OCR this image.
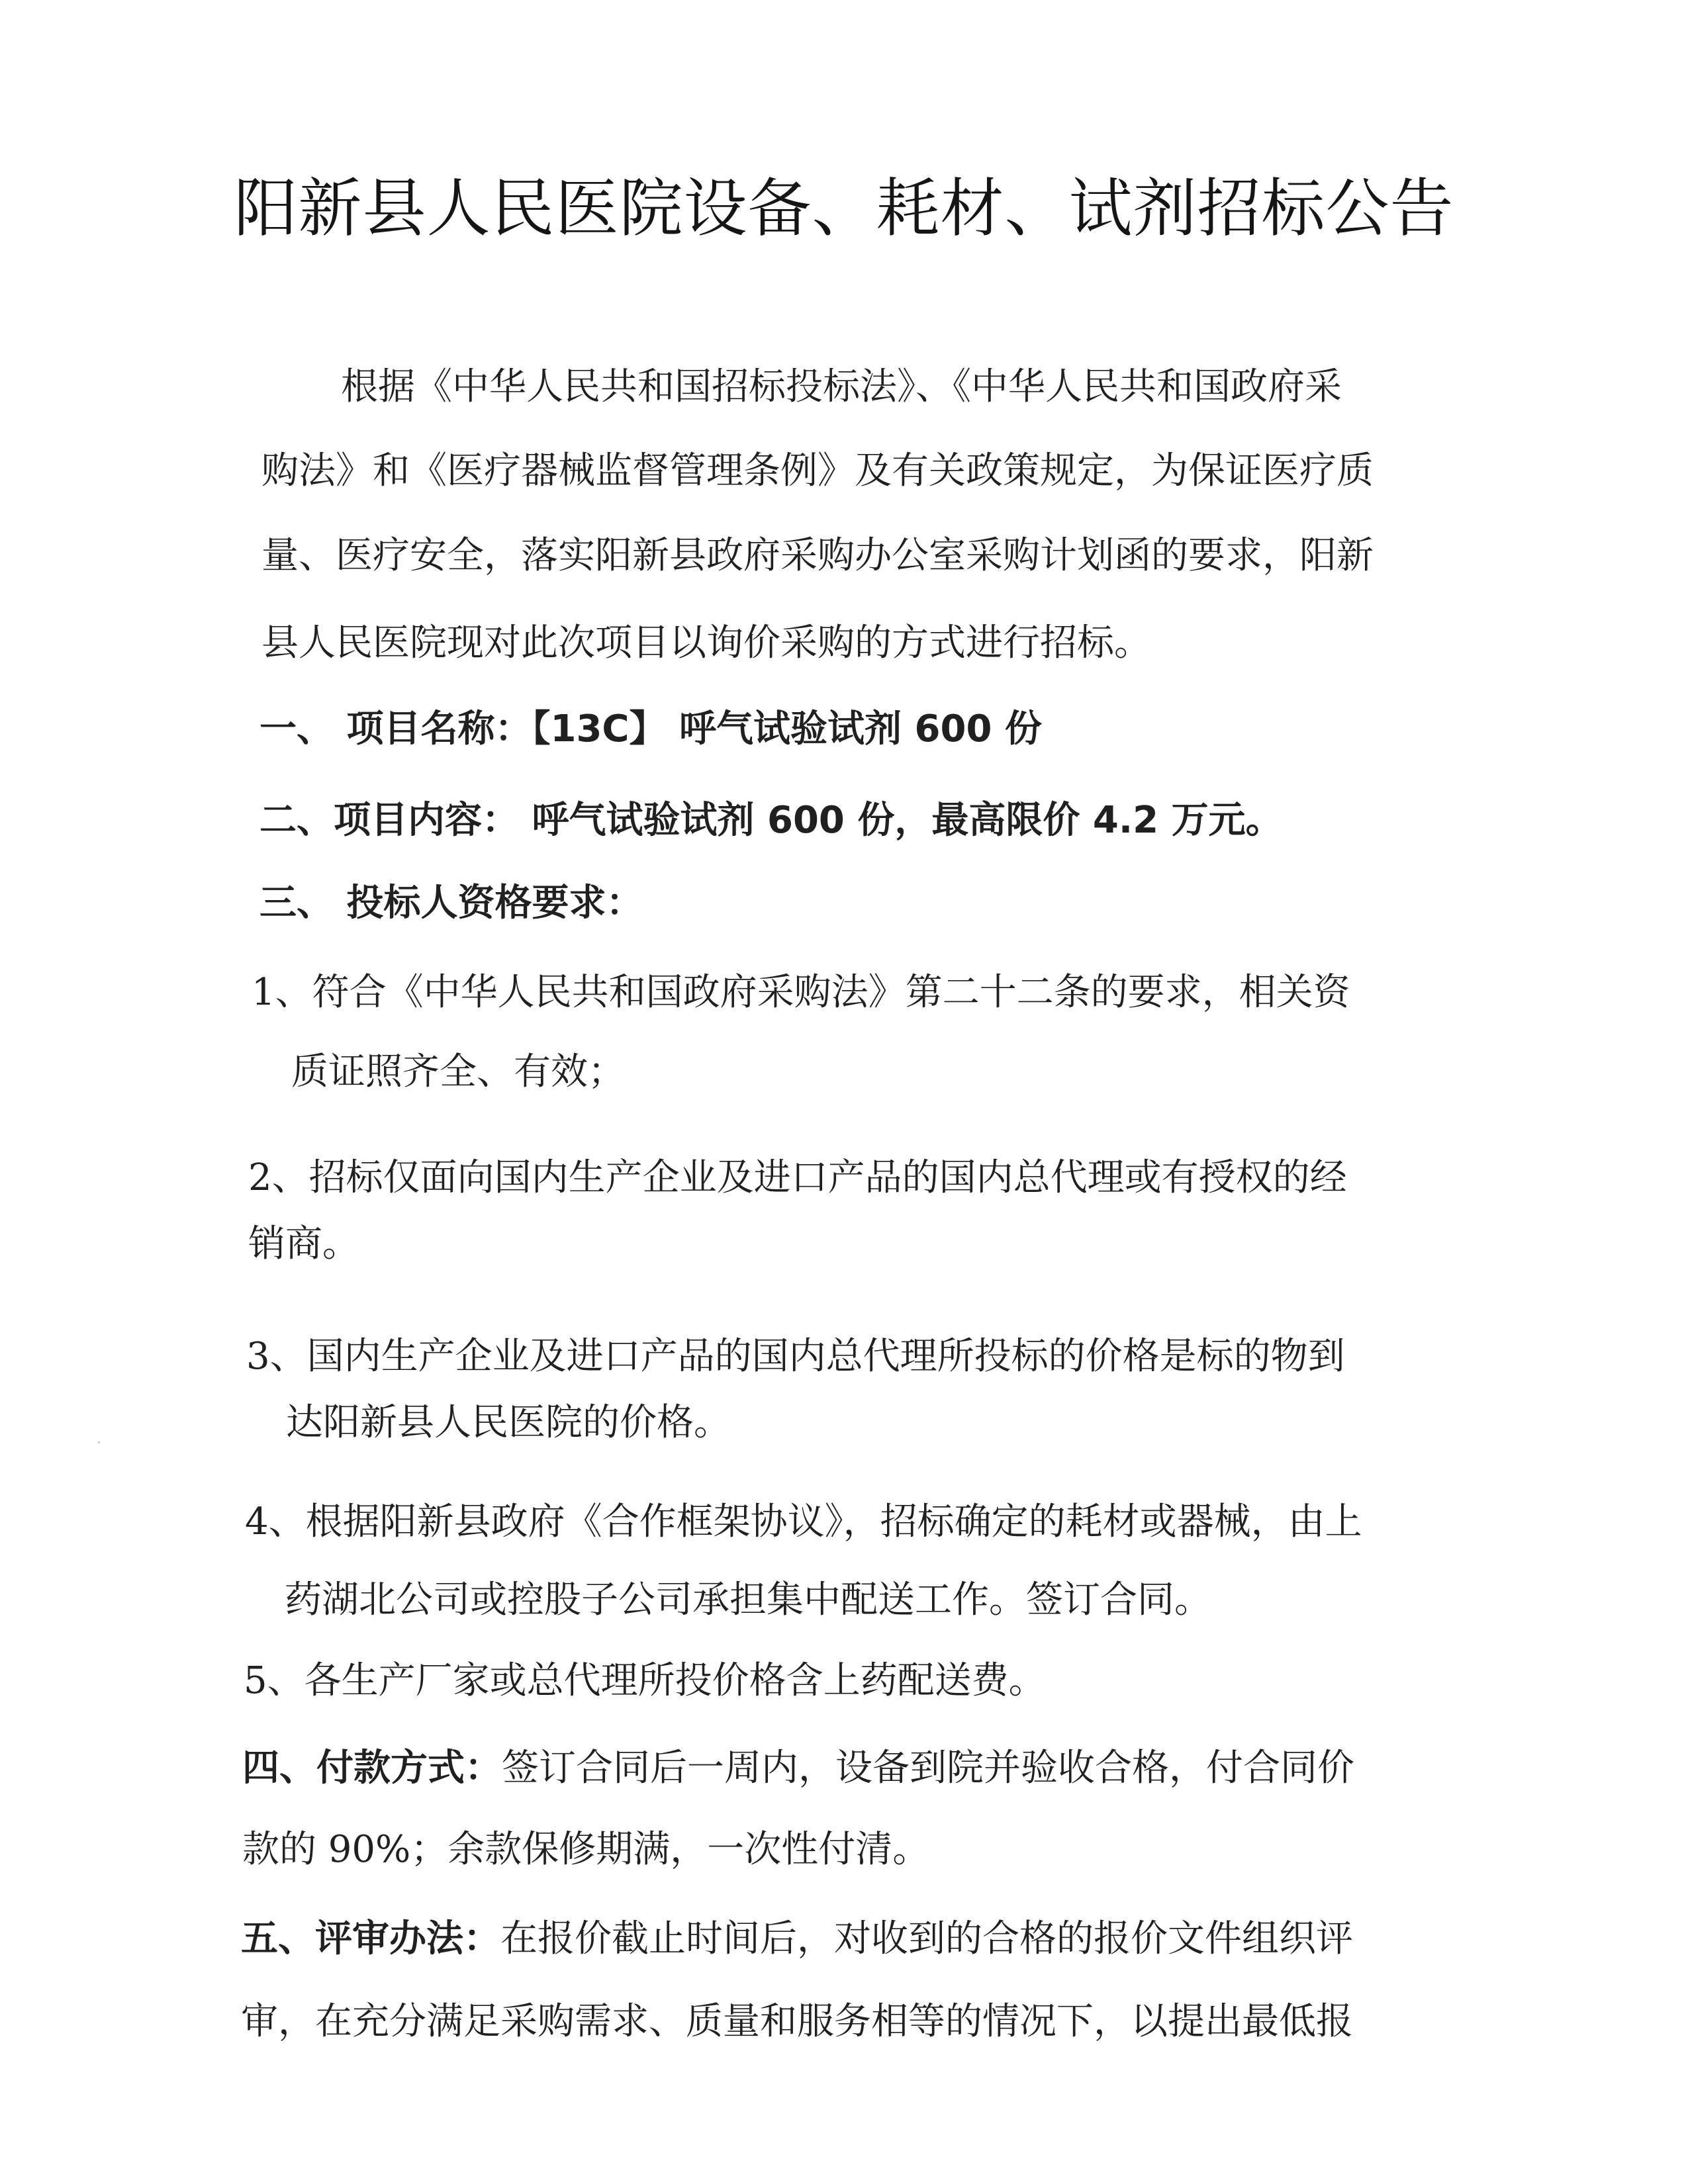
阳新县人民医院设备、耗材、试剂招标公告
根据《中华人民共和国招标投标法》、《中华人民共和国政府采
购法》和《医疗器械监督管理条例》及有关政策规定，为保证医疗质
量、医疗安全，落实阳新县政府采购办公室采购计划函的要求，阳新
县人民医院现对此次项目以询价采购的方式进行招标。
一、 项目名称：【13C】 呼气试验试剂 600 份
二、项目内容： 呼气试验试剂 600 份，最高限价 4.2 万元。
三、 投标人资格要求：
1、符合《中华人民共和国政府采购法》第二十二条的要求，相关资
质证照齐全、有效；
2、招标仅面向国内生产企业及进口产品的国内总代理或有授权的经
销商。
3、国内生产企业及进口产品的国内总代理所投标的价格是标的物到
达阳新县人民医院的价格。
4、根据阳新县政府《合作框架协议》，招标确定的耗材或器械，由上
药湖北公司或控股子公司承担集中配送工作。签订合同。
5、各生产厂家或总代理所投价格含上药配送费。
四、付款方式：签订合同后一周内，设备到院并验收合格，付合同价
款的 90%；余款保修期满，一次性付清。
五、评审办法：在报价截止时间后，对收到的合格的报价文件组织评
审，在充分满足采购需求、质量和服务相等的情况下，以提出最低报
